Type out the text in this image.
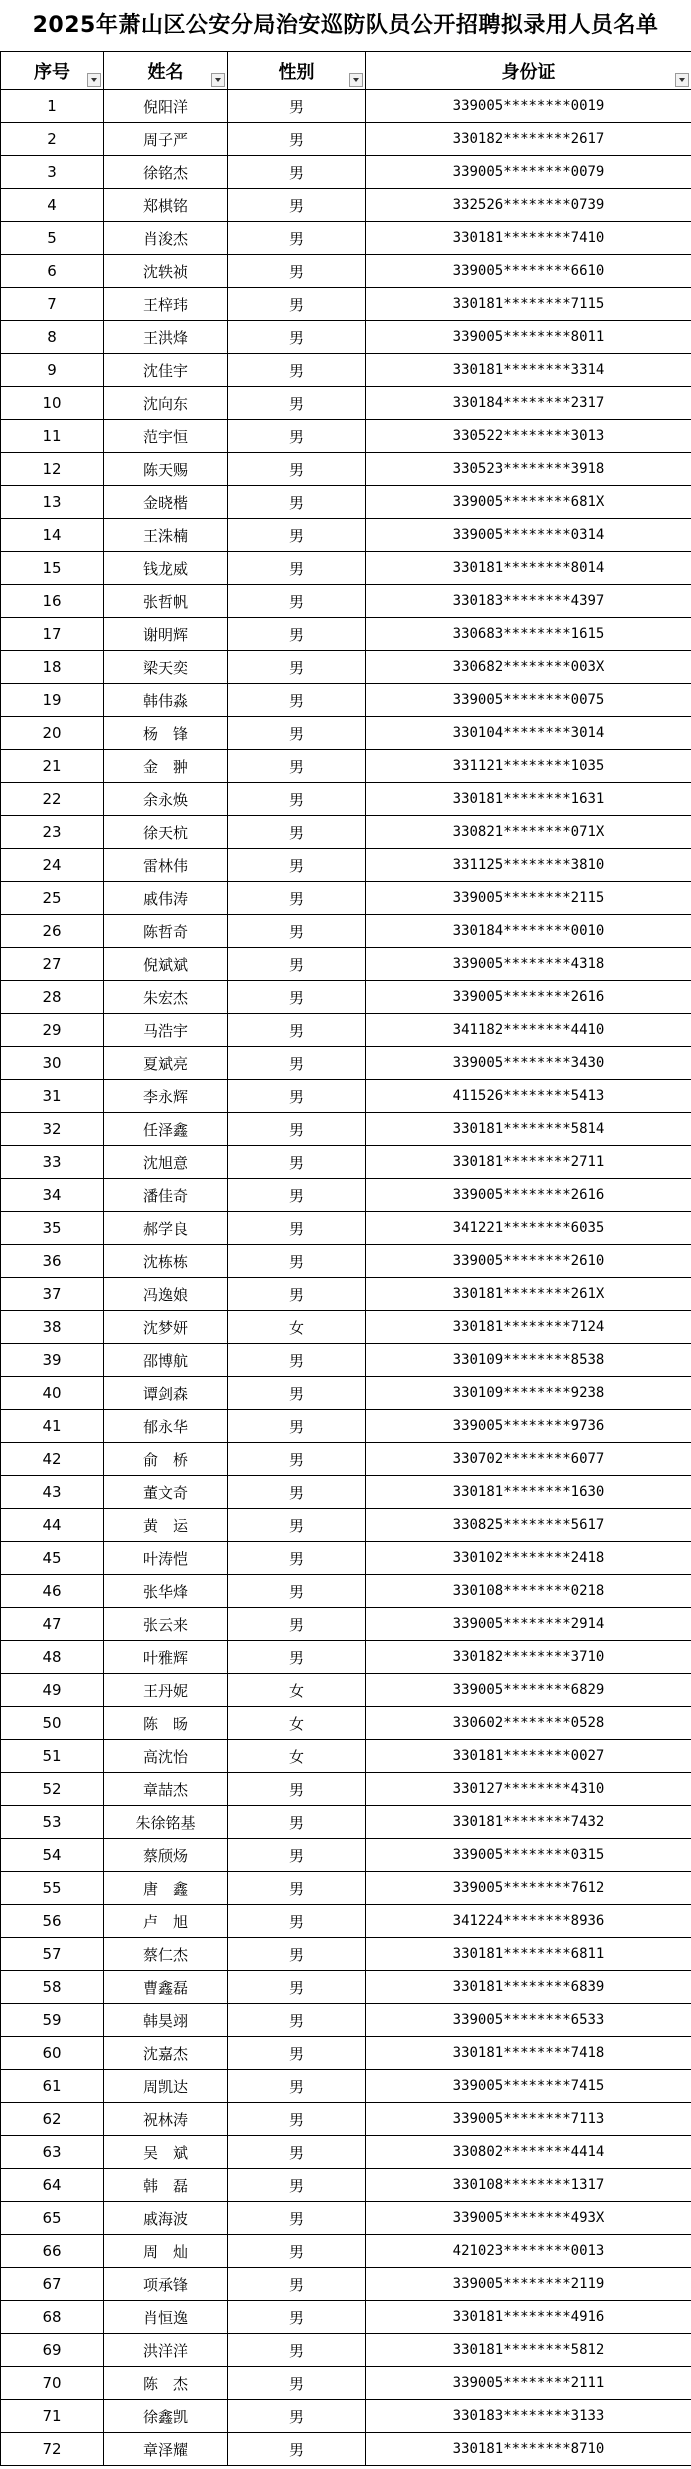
2025年萧山区公安分局治安巡防队员公开招聘拟录用人员名单
序号	姓名	性别	身份证

1	倪阳洋	男	339005********0019
2	周子严	男	330182********2617
3	徐铭杰	男	339005********0079
4	郑棋铭	男	332526********0739
5	肖浚杰	男	330181********7410
6	沈轶祯	男	339005********6610
7	王梓玮	男	330181********7115
8	王洪烽	男	339005********8011
9	沈佳宇	男	330181********3314
10	沈向东	男	330184********2317
11	范宇恒	男	330522********3013
12	陈天赐	男	330523********3918
13	金晓楷	男	339005********681X
14	王洙楠	男	339005********0314
15	钱龙威	男	330181********8014
16	张哲帆	男	330183********4397
17	谢明辉	男	330683********1615
18	梁天奕	男	330682********003X
19	韩伟淼	男	339005********0075
20	杨　锋	男	330104********3014
21	金　翀	男	331121********1035
22	余永焕	男	330181********1631
23	徐天杭	男	330821********071X
24	雷林伟	男	331125********3810
25	戚伟涛	男	339005********2115
26	陈哲奇	男	330184********0010
27	倪斌斌	男	339005********4318
28	朱宏杰	男	339005********2616
29	马浩宇	男	341182********4410
30	夏斌亮	男	339005********3430
31	李永辉	男	411526********5413
32	任泽鑫	男	330181********5814
33	沈旭意	男	330181********2711
34	潘佳奇	男	339005********2616
35	郝学良	男	341221********6035
36	沈栋栋	男	339005********2610
37	冯逸娘	男	330181********261X
38	沈梦妍	女	330181********7124
39	邵博航	男	330109********8538
40	谭剑森	男	330109********9238
41	郁永华	男	339005********9736
42	俞　桥	男	330702********6077
43	董文奇	男	330181********1630
44	黄　运	男	330825********5617
45	叶涛恺	男	330102********2418
46	张华烽	男	330108********0218
47	张云来	男	339005********2914
48	叶雅辉	男	330182********3710
49	王丹妮	女	339005********6829
50	陈　旸	女	330602********0528
51	高沈怡	女	330181********0027
52	章喆杰	男	330127********4310
53	朱徐铭基	男	330181********7432
54	蔡颀炀	男	339005********0315
55	唐　鑫	男	339005********7612
56	卢　旭	男	341224********8936
57	蔡仁杰	男	330181********6811
58	曹鑫磊	男	330181********6839
59	韩昊翊	男	339005********6533
60	沈嘉杰	男	330181********7418
61	周凯达	男	339005********7415
62	祝林涛	男	339005********7113
63	吴　斌	男	330802********4414
64	韩　磊	男	330108********1317
65	戚海波	男	339005********493X
66	周　灿	男	421023********0013
67	项承锋	男	339005********2119
68	肖恒逸	男	330181********4916
69	洪洋洋	男	330181********5812
70	陈　杰	男	339005********2111
71	徐鑫凯	男	330183********3133
72	章泽耀	男	330181********8710
